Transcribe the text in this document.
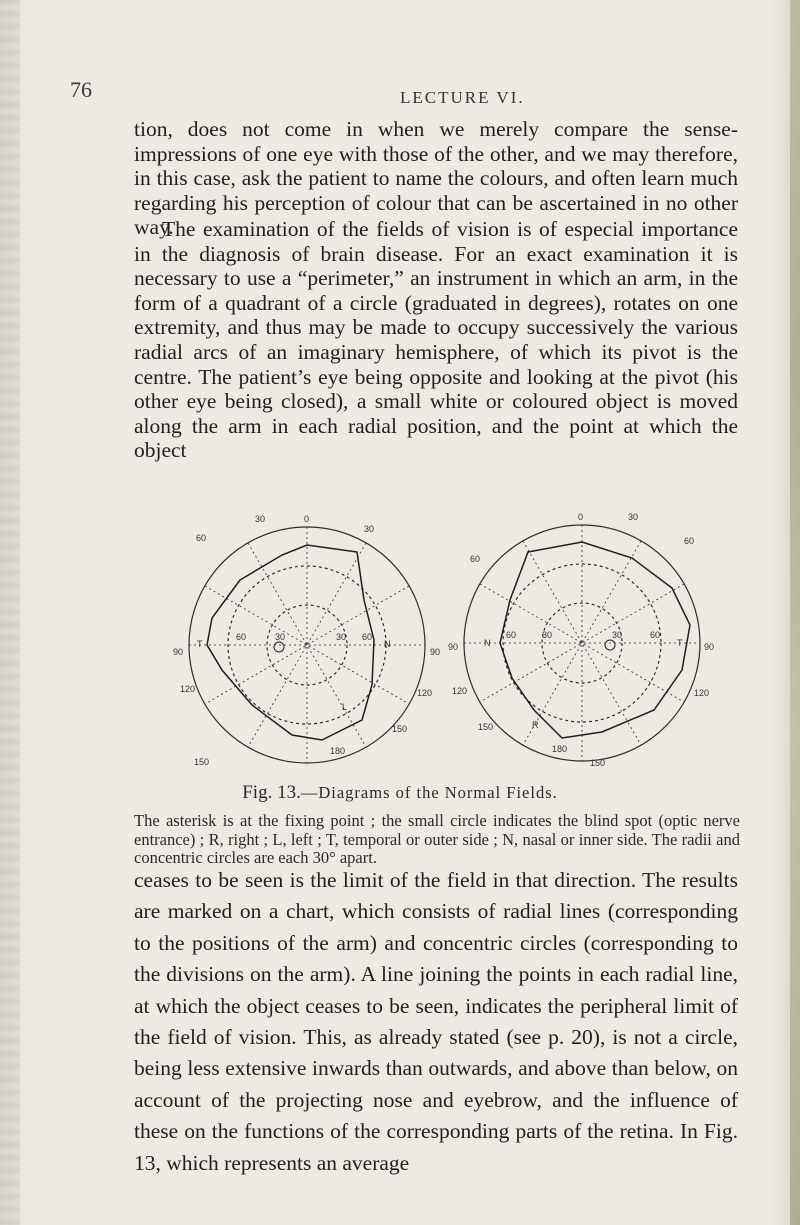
76	LECTURE VI.

tion, does not come in when we merely compare the sense-impressions of one eye with those of the other, and we may therefore, in this case, ask the patient to name the colours, and often learn much regarding his perception of colour that can be ascertained in no other way.

The examination of the fields of vision is of especial importance in the diagnosis of brain disease. For an exact examination it is necessary to use a “perimeter,” an instrument in which an arm, in the form of a quadrant of a circle (graduated in degrees), rotates on one extremity, and thus may be made to occupy successively the various radial arcs of an imaginary hemisphere, of which its pivot is the centre. The patient’s eye being opposite and looking at the pivot (his other eye being closed), a small white or coloured object is moved along the arm in each radial position, and the point at which the object

*
30	0
30
60
90	90
120	120
150
180
150
30
60	30 60
T	N
L
*
0	30
60
60
90	90
120	120
150
180
150
60	30	30	60
N	T
R
Fig. 13.—Diagrams of the Normal Fields.
The asterisk is at the fixing point ; the small circle indicates the blind spot (optic nerve entrance) ; R, right ; L, left ; T, temporal or outer side ; N, nasal or inner side. The radii and concentric circles are each 30° apart.

ceases to be seen is the limit of the field in that direction. The results are marked on a chart, which consists of radial lines (corresponding to the positions of the arm) and concentric circles (corresponding to the divisions on the arm). A line joining the points in each radial line, at which the object ceases to be seen, indicates the peripheral limit of the field of vision. This, as already stated (see p. 20), is not a circle, being less extensive inwards than outwards, and above than below, on account of the projecting nose and eyebrow, and the influence of these on the functions of the corresponding parts of the retina. In Fig. 13, which represents an average
